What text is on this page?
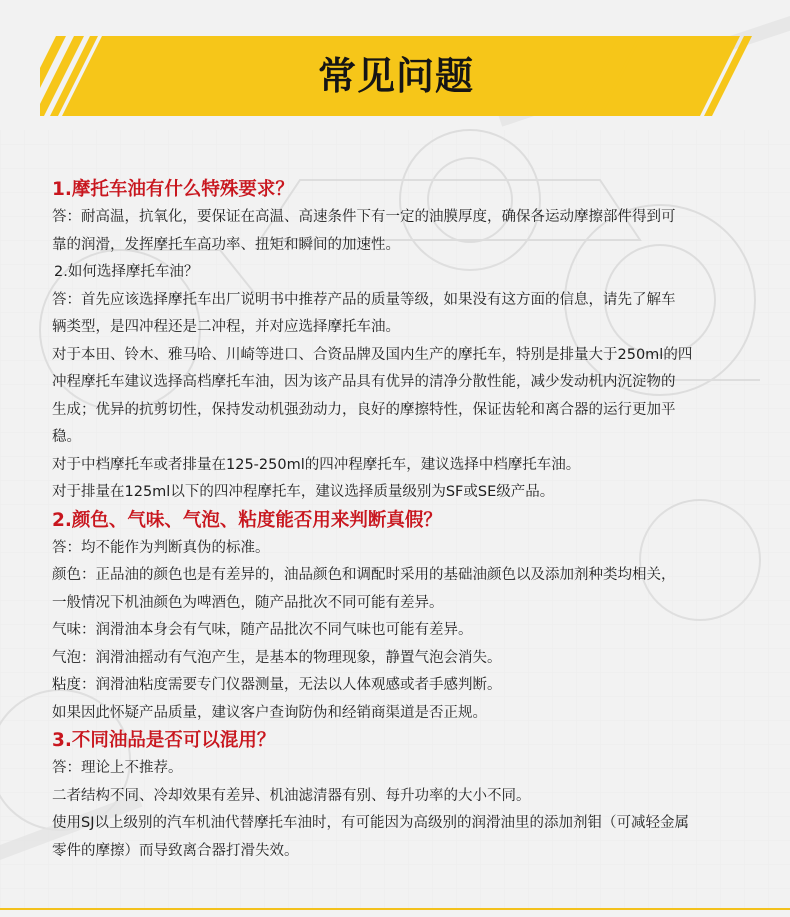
常见问题

1.摩托车油有什么特殊要求？

答：耐高温，抗氧化，要保证在高温、高速条件下有一定的油膜厚度，确保各运动摩擦部件得到可

靠的润滑，发挥摩托车高功率、扭矩和瞬间的加速性。

2.如何选择摩托车油？

答：首先应该选择摩托车出厂说明书中推荐产品的质量等级，如果没有这方面的信息，请先了解车

辆类型，是四冲程还是二冲程，并对应选择摩托车油。

对于本田、铃木、雅马哈、川崎等进口、合资品牌及国内生产的摩托车，特别是排量大于250ml的四

冲程摩托车建议选择高档摩托车油，因为该产品具有优异的清净分散性能，减少发动机内沉淀物的

生成；优异的抗剪切性，保持发动机强劲动力，良好的摩擦特性，保证齿轮和离合器的运行更加平

稳。

对于中档摩托车或者排量在125-250ml的四冲程摩托车，建议选择中档摩托车油。

对于排量在125ml以下的四冲程摩托车，建议选择质量级别为SF或SE级产品。

2.颜色、气味、气泡、粘度能否用来判断真假？

答：均不能作为判断真伪的标准。

颜色：正品油的颜色也是有差异的，油品颜色和调配时采用的基础油颜色以及添加剂种类均相关，

一般情况下机油颜色为啤酒色，随产品批次不同可能有差异。

气味：润滑油本身会有气味，随产品批次不同气味也可能有差异。

气泡：润滑油摇动有气泡产生，是基本的物理现象，静置气泡会消失。

粘度：润滑油粘度需要专门仪器测量，无法以人体观感或者手感判断。

如果因此怀疑产品质量，建议客户查询防伪和经销商渠道是否正规。

3.不同油品是否可以混用？

答：理论上不推荐。

二者结构不同、冷却效果有差异、机油滤清器有别、每升功率的大小不同。

使用SJ以上级别的汽车机油代替摩托车油时，有可能因为高级别的润滑油里的添加剂钼（可减轻金属

零件的摩擦）而导致离合器打滑失效。
